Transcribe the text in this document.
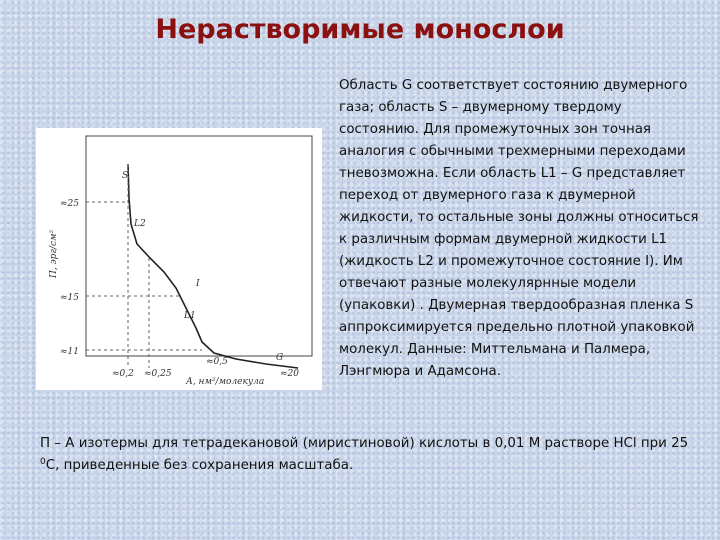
Нерастворимые монослои
S
L2
I
L1
G
П, эрг/см²
А, нм²/молекула
≈25
≈15
≈11
≈0,2 ≈0,25
≈0,5
≈20
Область G соответствует состоянию двумерного газа; область S – двумерному твердому состоянию. Для промежуточных зон точная аналогия с обычными трехмерными переходами тневозможна. Если область L1 – G представляет переход от двумерного газа к двумерной жидкости, то остальные зоны должны относиться к различным формам двумерной жидкости L1 (жидкость L2 и промежуточное состояние I). Им отвечают разные молекулярнные модели (упаковки) . Двумерная твердообразная пленка S аппроксимируется предельно плотной упаковкой молекул. Данные: Миттельмана и Палмера, Лэнгмюра и Адамсона.
П – А изотермы для тетрадекановой (миристиновой) кислоты в 0,01 М растворе HCl при 25 $^0$С, приведенные без сохранения масштаба.
